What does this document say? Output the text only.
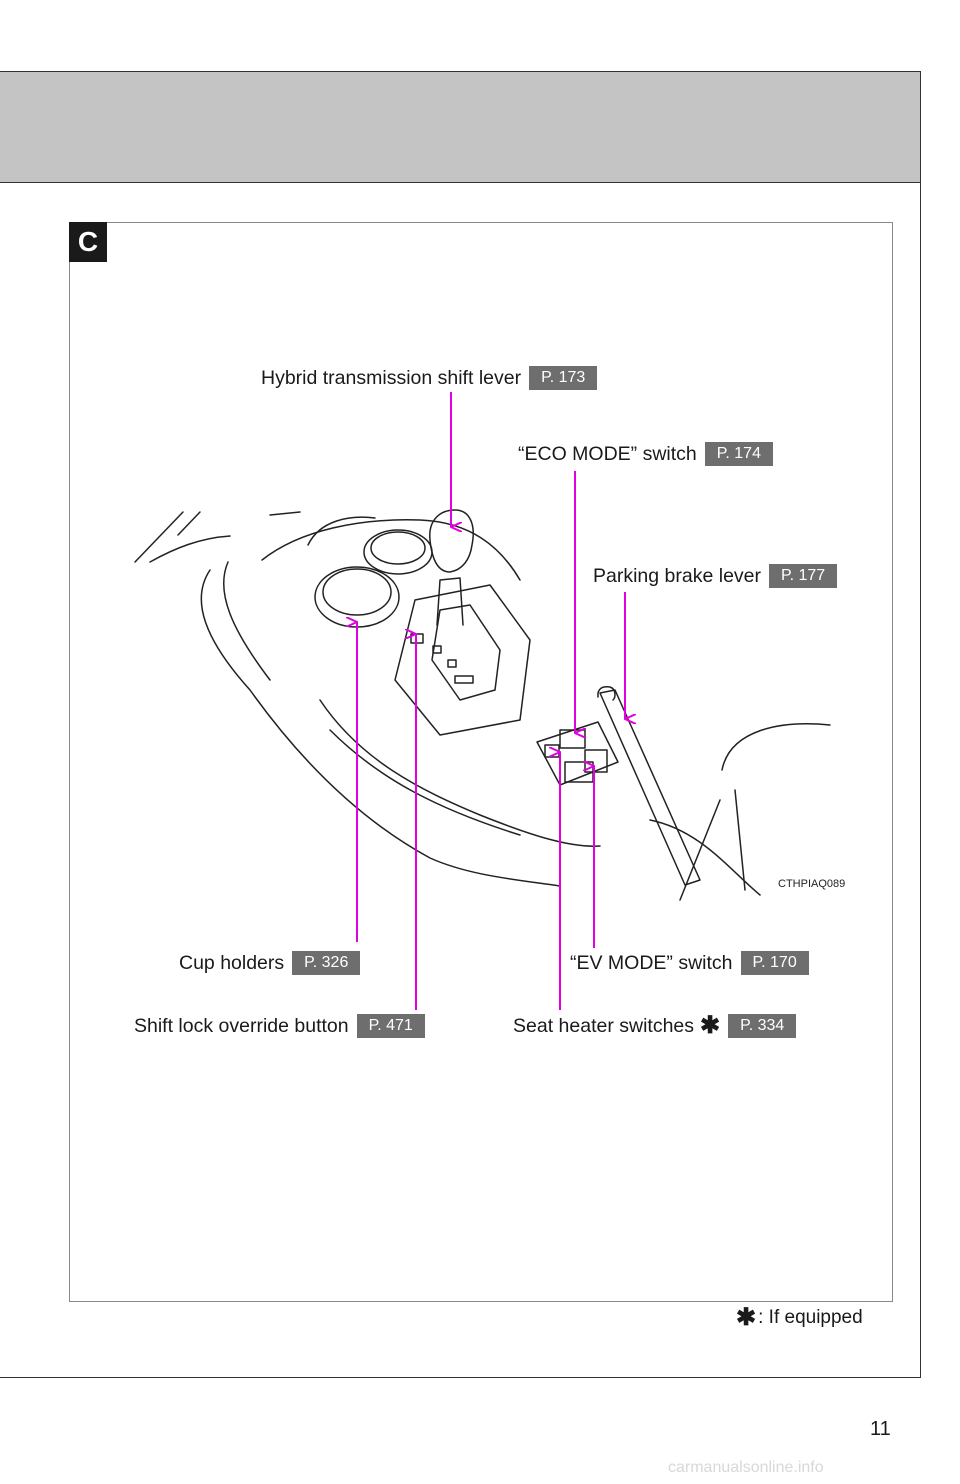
C
CTHPIAQ089
Hybrid transmission shift lever	P. 173
“ECO MODE” switch	P. 174
Parking brake lever	P. 177
Cup holders	P. 326	“EV MODE” switch	P. 170
Shift lock override button	P. 471	Seat heater switches ✱	P. 334
✱ : If equipped
11
carmanualsonline.info
